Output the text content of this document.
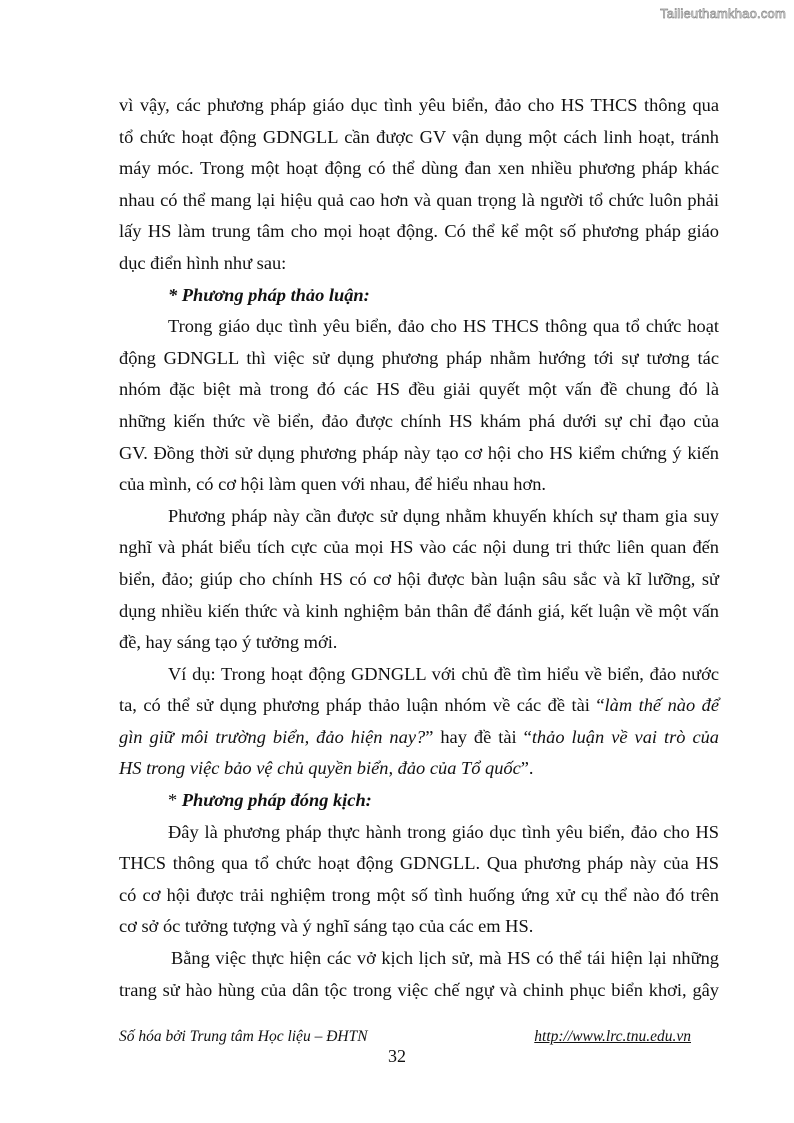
Tailieuthamkhao.com
vì vậy, các phương pháp giáo dục tình yêu biển, đảo cho HS THCS thông qua
tổ chức hoạt động GDNGLL cần được GV vận dụng một cách linh hoạt, tránh
máy móc. Trong một hoạt động có thể dùng đan xen nhiều phương pháp khác
nhau có thể mang lại hiệu quả cao hơn và quan trọng là người tổ chức luôn phải
lấy HS làm trung tâm cho mọi hoạt động. Có thể kể một số phương pháp giáo
dục điển hình như sau:
* Phương pháp thảo luận:
Trong giáo dục tình yêu biển, đảo cho HS THCS thông qua tổ chức hoạt
động GDNGLL thì việc sử dụng phương pháp nhằm hướng tới sự tương tác
nhóm đặc biệt mà trong đó các HS đều giải quyết một vấn đề chung đó là
những kiến thức về biển, đảo được chính HS khám phá dưới sự chỉ đạo của
GV. Đồng thời sử dụng phương pháp này tạo cơ hội cho HS kiểm chứng ý kiến
của mình, có cơ hội làm quen với nhau, để hiểu nhau hơn.
Phương pháp này cần được sử dụng nhằm khuyến khích sự tham gia suy
nghĩ và phát biểu tích cực của mọi HS vào các nội dung tri thức liên quan đến
biển, đảo; giúp cho chính HS có cơ hội được bàn luận sâu sắc và kĩ lưỡng, sử
dụng nhiều kiến thức và kinh nghiệm bản thân để đánh giá, kết luận về một vấn
đề, hay sáng tạo ý tưởng mới.
Ví dụ: Trong hoạt động GDNGLL với chủ đề tìm hiểu về biển, đảo nước
ta, có thể sử dụng phương pháp thảo luận nhóm về các đề tài “làm thế nào để
gìn giữ môi trường biển, đảo hiện nay?” hay đề tài “thảo luận về vai trò của
HS trong việc bảo vệ chủ quyền biển, đảo của Tổ quốc”.
* Phương pháp đóng kịch:
Đây là phương pháp thực hành trong giáo dục tình yêu biển, đảo cho HS
THCS thông qua tổ chức hoạt động GDNGLL. Qua phương pháp này của HS
có cơ hội được trải nghiệm trong một số tình huống ứng xử cụ thể nào đó trên
cơ sở óc tưởng tượng và ý nghĩ sáng tạo của các em HS.
Bằng việc thực hiện các vở kịch lịch sử, mà HS có thể tái hiện lại những
trang sử hào hùng của dân tộc trong việc chế ngự và chinh phục biển khơi, gây
Số hóa bởi Trung tâm Học liệu – ĐHTN	http://www.lrc.tnu.edu.vn
32
